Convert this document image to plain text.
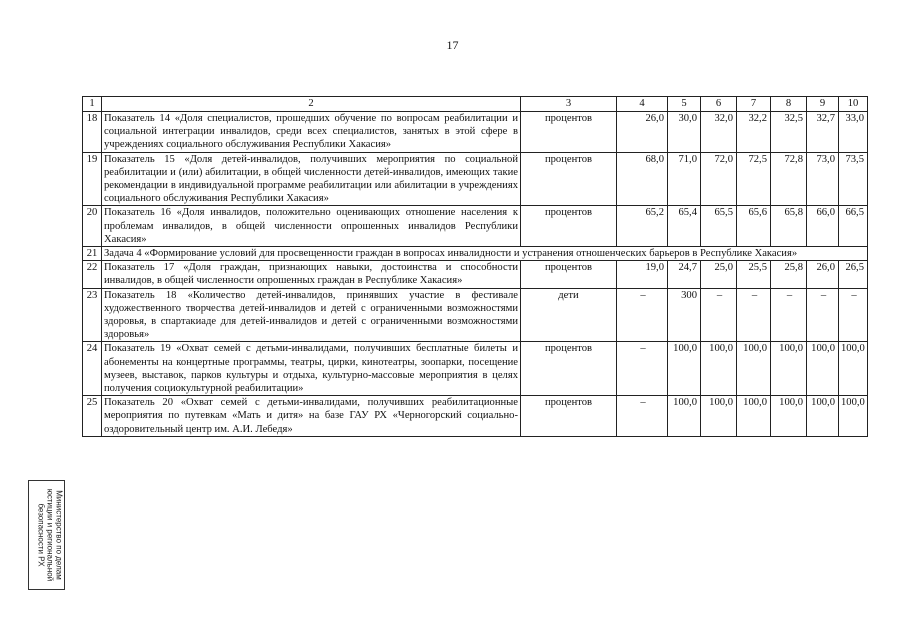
17
1	2	3	4	5	6	7	8	9	10
18	Показатель 14 «Доля специалистов, прошедших обучение по вопросам реабилитации и социальной интеграции инвалидов, среди всех специалистов, занятых в этой сфере в учреждениях социального обслуживания Республики Хакасия»	процентов	26,0	30,0	32,0	32,2	32,5	32,7	33,0
19	Показатель 15 «Доля детей-инвалидов, получивших мероприятия по социальной реабилитации и (или) абилитации, в общей численности детей-инвалидов, имеющих такие рекомендации в индивидуальной программе реабилитации или абилитации в учреждениях социального обслуживания Республики Хакасия»	процентов	68,0	71,0	72,0	72,5	72,8	73,0	73,5
20	Показатель 16 «Доля инвалидов, положительно оценивающих отношение населения к проблемам инвалидов, в общей численности опрошенных инвалидов Республики Хакасия»	процентов	65,2	65,4	65,5	65,6	65,8	66,0	66,5
21	Задача 4 «Формирование условий для просвещенности граждан в вопросах инвалидности и устранения отношенческих барьеров в Республике Хакасия»								
22	Показатель 17 «Доля граждан, признающих навыки, достоинства и способности инвалидов, в общей численности опрошенных граждан в Республике Хакасия»	процентов	19,0	24,7	25,0	25,5	25,8	26,0	26,5
23	Показатель 18 «Количество детей-инвалидов, принявших участие в фестивале художественного творчества детей-инвалидов и детей с ограниченными возможностями здоровья, в спартакиаде для детей-инвалидов и детей с ограниченными возможностями здоровья»	дети	–	300	–	–	–	–	–
24	Показатель 19 «Охват семей с детьми-инвалидами, получивших бесплатные билеты и абонементы на концертные программы, театры, цирки, кинотеатры, зоопарки, посещение музеев, выставок, парков культуры и отдыха, культурно-массовые мероприятия в целях получения социокультурной реабилитации»	процентов	–	100,0	100,0	100,0	100,0	100,0	100,0
25	Показатель 20 «Охват семей с детьми-инвалидами, получивших реабилитационные мероприятия по путевкам «Мать и дитя» на базе ГАУ РХ «Черногорский социально-оздоровительный центр им. А.И. Лебедя»	процентов	–	100,0	100,0	100,0	100,0	100,0	100,0
Министерство по делам
юстиции и региональной
безопасности РХ
